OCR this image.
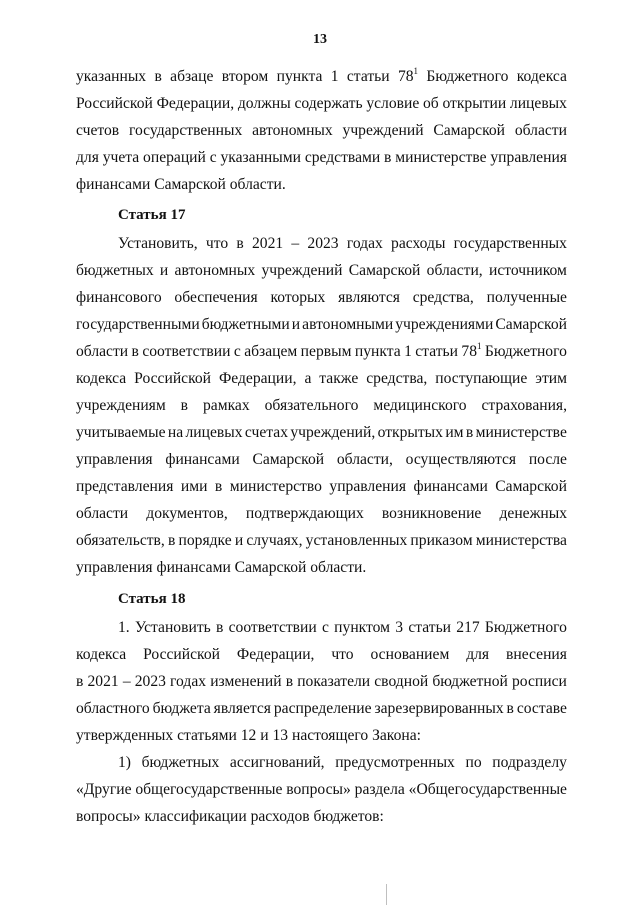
13
указанных в абзаце втором пункта 1 статьи $78^1$ Бюджетного кодекса
Российской Федерации, должны содержать условие об открытии лицевых
счетов государственных автономных учреждений Самарской области
для учета операций с указанными средствами в министерстве управления
финансами Самарской области.
Статья 17
Установить, что в 2021 – 2023 годах расходы государственных
бюджетных и автономных учреждений Самарской области, источником
финансового обеспечения которых являются средства, полученные
государственными бюджетными и автономными учреждениями Самарской
области в соответствии с абзацем первым пункта 1 статьи $78^1$ Бюджетного
кодекса Российской Федерации, а также средства, поступающие этим
учреждениям в рамках обязательного медицинского страхования,
учитываемые на лицевых счетах учреждений, открытых им в министерстве
управления финансами Самарской области, осуществляются после
представления ими в министерство управления финансами Самарской
области документов, подтверждающих возникновение денежных
обязательств, в порядке и случаях, установленных приказом министерства
управления финансами Самарской области.
Статья 18
1. Установить в соответствии с пунктом 3 статьи 217 Бюджетного
кодекса Российской Федерации, что основанием для внесения
в 2021 – 2023 годах изменений в показатели сводной бюджетной росписи
областного бюджета является распределение зарезервированных в составе
утвержденных статьями 12 и 13 настоящего Закона:
1) бюджетных ассигнований, предусмотренных по подразделу
«Другие общегосударственные вопросы» раздела «Общегосударственные
вопросы» классификации расходов бюджетов:
